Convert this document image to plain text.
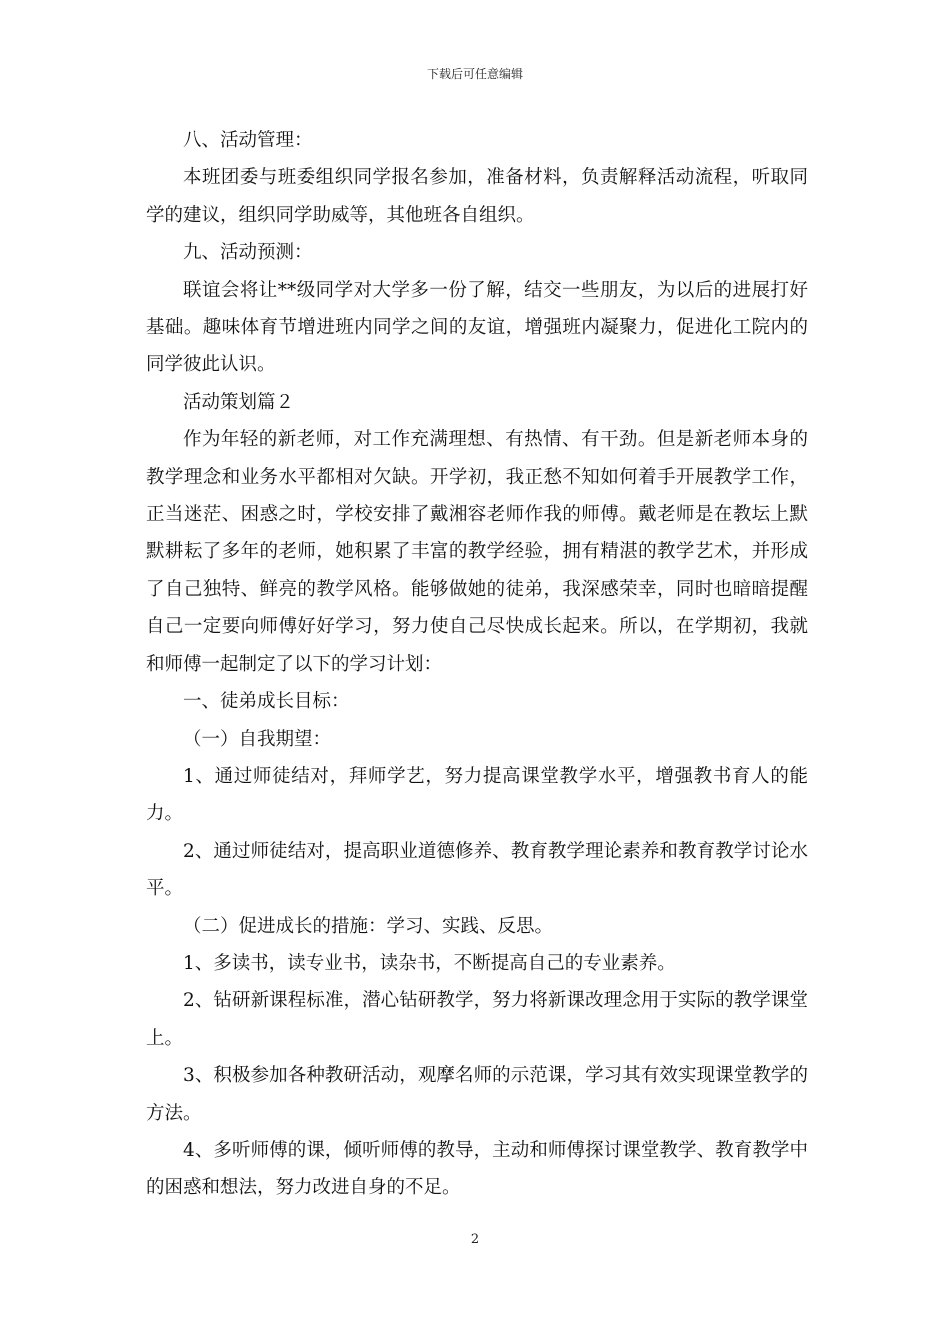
下载后可任意编辑

八、活动管理：

本班团委与班委组织同学报名参加，准备材料，负责解释活动流程，听取同学的建议，组织同学助威等，其他班各自组织。

九、活动预测：

联谊会将让**级同学对大学多一份了解，结交一些朋友，为以后的进展打好基础。趣味体育节增进班内同学之间的友谊，增强班内凝聚力，促进化工院内的同学彼此认识。

活动策划篇２

作为年轻的新老师，对工作充满理想、有热情、有干劲。但是新老师本身的教学理念和业务水平都相对欠缺。开学初，我正愁不知如何着手开展教学工作，正当迷茫、困惑之时，学校安排了戴湘容老师作我的师傅。戴老师是在教坛上默默耕耘了多年的老师，她积累了丰富的教学经验，拥有精湛的教学艺术，并形成了自己独特、鲜亮的教学风格。能够做她的徒弟，我深感荣幸，同时也暗暗提醒自己一定要向师傅好好学习，努力使自己尽快成长起来。所以，在学期初，我就和师傅一起制定了以下的学习计划：

一、徒弟成长目标：

（一）自我期望：

1、通过师徒结对，拜师学艺，努力提高课堂教学水平，增强教书育人的能力。

2、通过师徒结对，提高职业道德修养、教育教学理论素养和教育教学讨论水平。

（二）促进成长的措施：学习、实践、反思。

1、多读书，读专业书，读杂书，不断提高自己的专业素养。

2、钻研新课程标准，潜心钻研教学，努力将新课改理念用于实际的教学课堂上。

3、积极参加各种教研活动，观摩名师的示范课，学习其有效实现课堂教学的方法。

4、多听师傅的课，倾听师傅的教导，主动和师傅探讨课堂教学、教育教学中的困惑和想法，努力改进自身的不足。

2
